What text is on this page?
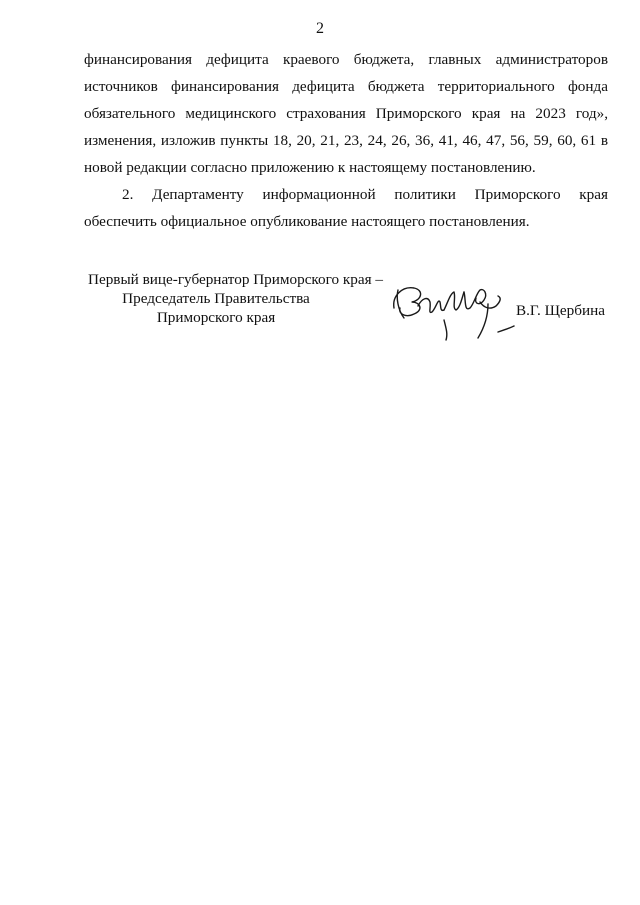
2

финансирования дефицита краевого бюджета, главных администраторов
источников финансирования дефицита бюджета территориального фонда
обязательного медицинского страхования Приморского края на 2023 год»,
изменения, изложив пункты 18, 20, 21, 23, 24, 26, 36, 41, 46, 47, 56, 59, 60, 61 в
новой редакции согласно приложению к настоящему постановлению.

2. Департаменту информационной политики Приморского края
обеспечить официальное опубликование настоящего постановления.

Первый вице-губернатор Приморского края –
Председатель Правительства
Приморского края	В.Г. Щербина
